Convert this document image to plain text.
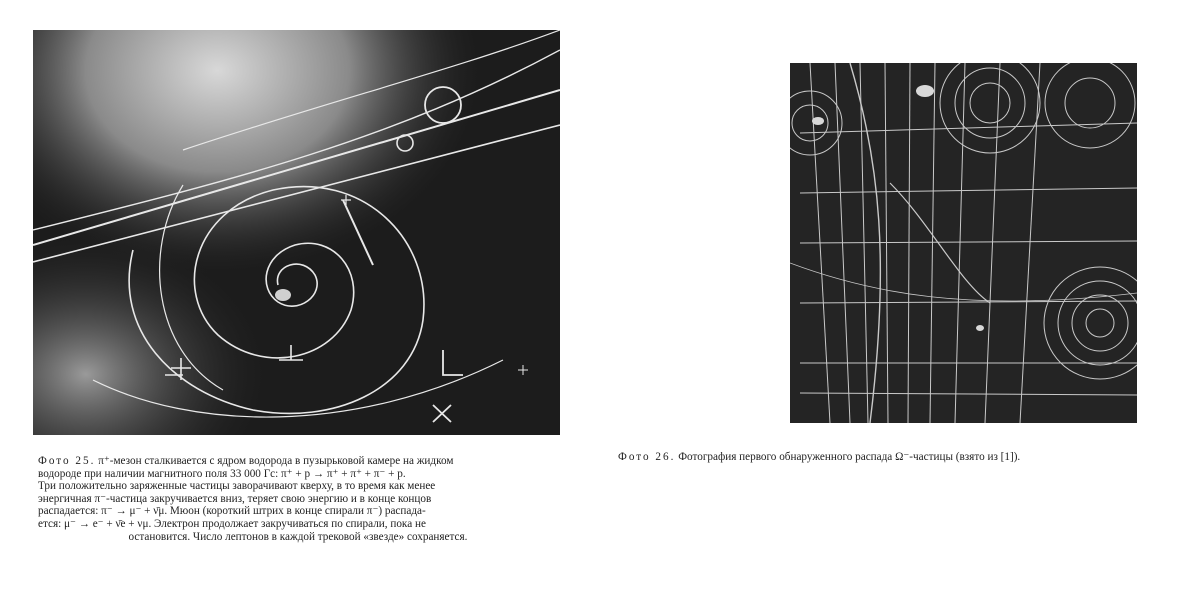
Фото 25. π⁺-мезон сталкивается с ядром водорода в пузырьковой камере на жидком
водороде при наличии магнитного поля 33 000 Гс: π⁺ + p → π⁺ + π⁺ + π⁻ + p.
Три положительно заряженные частицы заворачивают кверху, в то время как менее
энергичная π⁻-частица закручивается вниз, теряет свою энергию и в конце концов
распадается: π⁻ → μ⁻ + ν̄μ. Мюон (короткий штрих в конце спирали π⁻) распада-
ется: μ⁻ → e⁻ + ν̄e + νμ. Электрон продолжает закручиваться по спирали, пока не
остановится. Число лептонов в каждой трековой «звезде» сохраняется.
Фото 26. Фотография первого обнаруженного распада Ω⁻-частицы (взято из [1]).
